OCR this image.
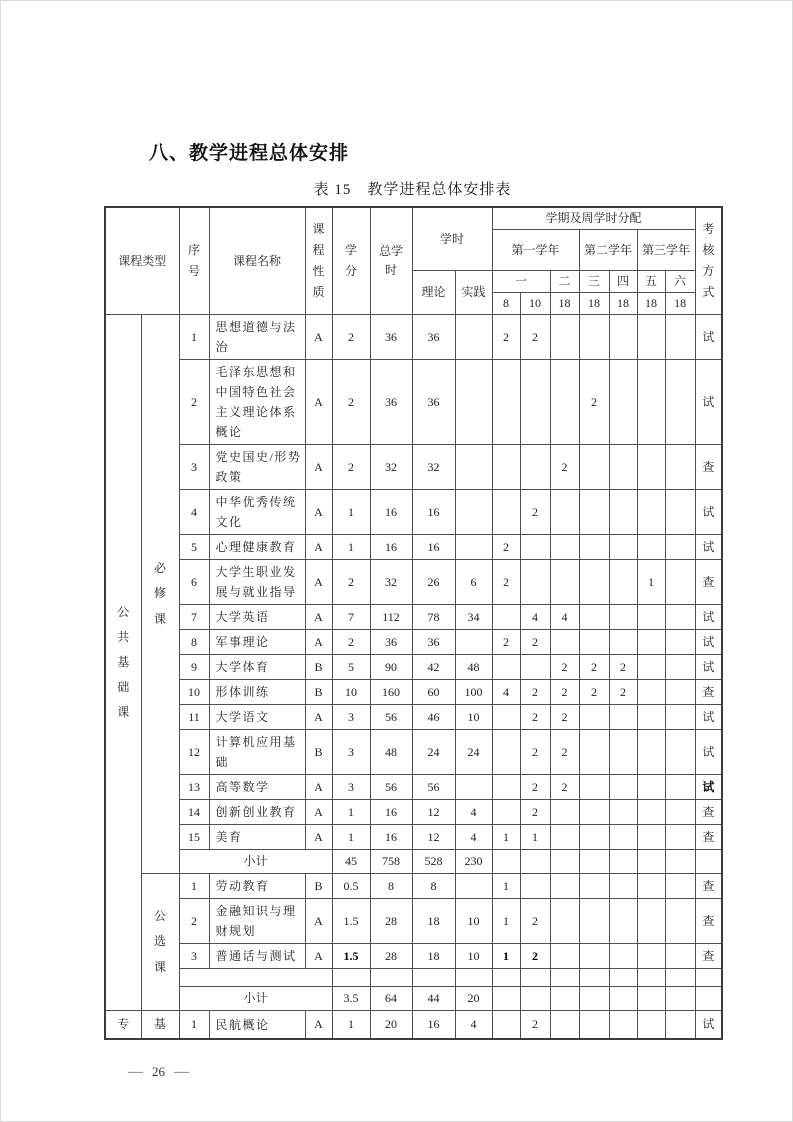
八、教学进程总体安排
表 15　教学进程总体安排表
课程类型		序号	课程名称	课程性质	学分	总学时	学时		学期及周学时分配							考核方式
									第一学年			第二学年		第三学年		
							理论	实践	一		二	三	四	五	六	
									8	10	18	18	18	18	18	
公共基础课	必修课	1	思想道德与法治	A	2	36	36		2	2						试
		2	毛泽东思想和中国特色社会主义理论体系概论	A	2	36	36					2				试
		3	党史国史/形势政策	A	2	32	32				2					查
		4	中华优秀传统文化	A	1	16	16			2						试
		5	心理健康教育	A	1	16	16		2							试
		6	大学生职业发展与就业指导	A	2	32	26	6	2					1		查
		7	大学英语	A	7	112	78	34		4	4					试
		8	军事理论	A	2	36	36		2	2						试
		9	大学体育	B	5	90	42	48			2	2	2			试
		10	形体训练	B	10	160	60	100	4	2	2	2	2			查
		11	大学语文	A	3	56	46	10		2	2					试
		12	计算机应用基础	B	3	48	24	24		2	2					试
		13	高等数学	A	3	56	56			2	2					试
		14	创新创业教育	A	1	16	12	4		2						查
		15	美育	A	1	16	12	4	1	1						查
		小计			45	758	528	230								
	公选课	1	劳动教育	B	0.5	8	8		1							查
		2	金融知识与理财规划	A	1.5	28	18	10	1	2						查
		3	普通话与测试	A	1.5	28	18	10	1	2						查

		小计			3.5	64	44	20								
专	基	1	民航概论	A	1	20	16	4		2						试
— 26 —
